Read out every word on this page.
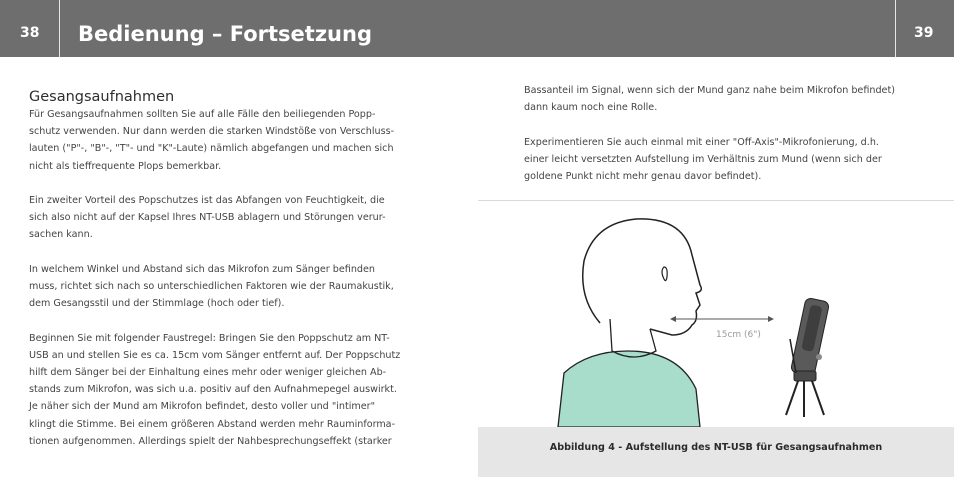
38 Bedienung – Fortsetzung	39
Gesangsaufnahmen

Für Gesangsaufnahmen sollten Sie auf alle Fälle den beiliegenden Popp-
schutz verwenden. Nur dann werden die starken Windstöße von Verschluss-
lauten ("P"-, "B"-, "T"- und "K"-Laute) nämlich abgefangen und machen sich
nicht als tieffrequente Plops bemerkbar.

Ein zweiter Vorteil des Popschutzes ist das Abfangen von Feuchtigkeit, die
sich also nicht auf der Kapsel Ihres NT-USB ablagern und Störungen verur-
sachen kann.

In welchem Winkel und Abstand sich das Mikrofon zum Sänger befinden
muss, richtet sich nach so unterschiedlichen Faktoren wie der Raumakustik,
dem Gesangsstil und der Stimmlage (hoch oder tief).

Beginnen Sie mit folgender Faustregel: Bringen Sie den Poppschutz am NT-
USB an und stellen Sie es ca. 15cm vom Sänger entfernt auf. Der Poppschutz
hilft dem Sänger bei der Einhaltung eines mehr oder weniger gleichen Ab-
stands zum Mikrofon, was sich u.a. positiv auf den Aufnahmepegel auswirkt.
Je näher sich der Mund am Mikrofon befindet, desto voller und "intimer"
klingt die Stimme. Bei einem größeren Abstand werden mehr Rauminforma-
tionen aufgenommen. Allerdings spielt der Nahbesprechungseffekt (starker

Bassanteil im Signal, wenn sich der Mund ganz nahe beim Mikrofon befindet)
dann kaum noch eine Rolle.

Experimentieren Sie auch einmal mit einer "Off-Axis"-Mikrofonierung, d.h.
einer leicht versetzten Aufstellung im Verhältnis zum Mund (wenn sich der
goldene Punkt nicht mehr genau davor befindet).

15cm (6")
Abbildung 4 - Aufstellung des NT-USB für Gesangsaufnahmen
